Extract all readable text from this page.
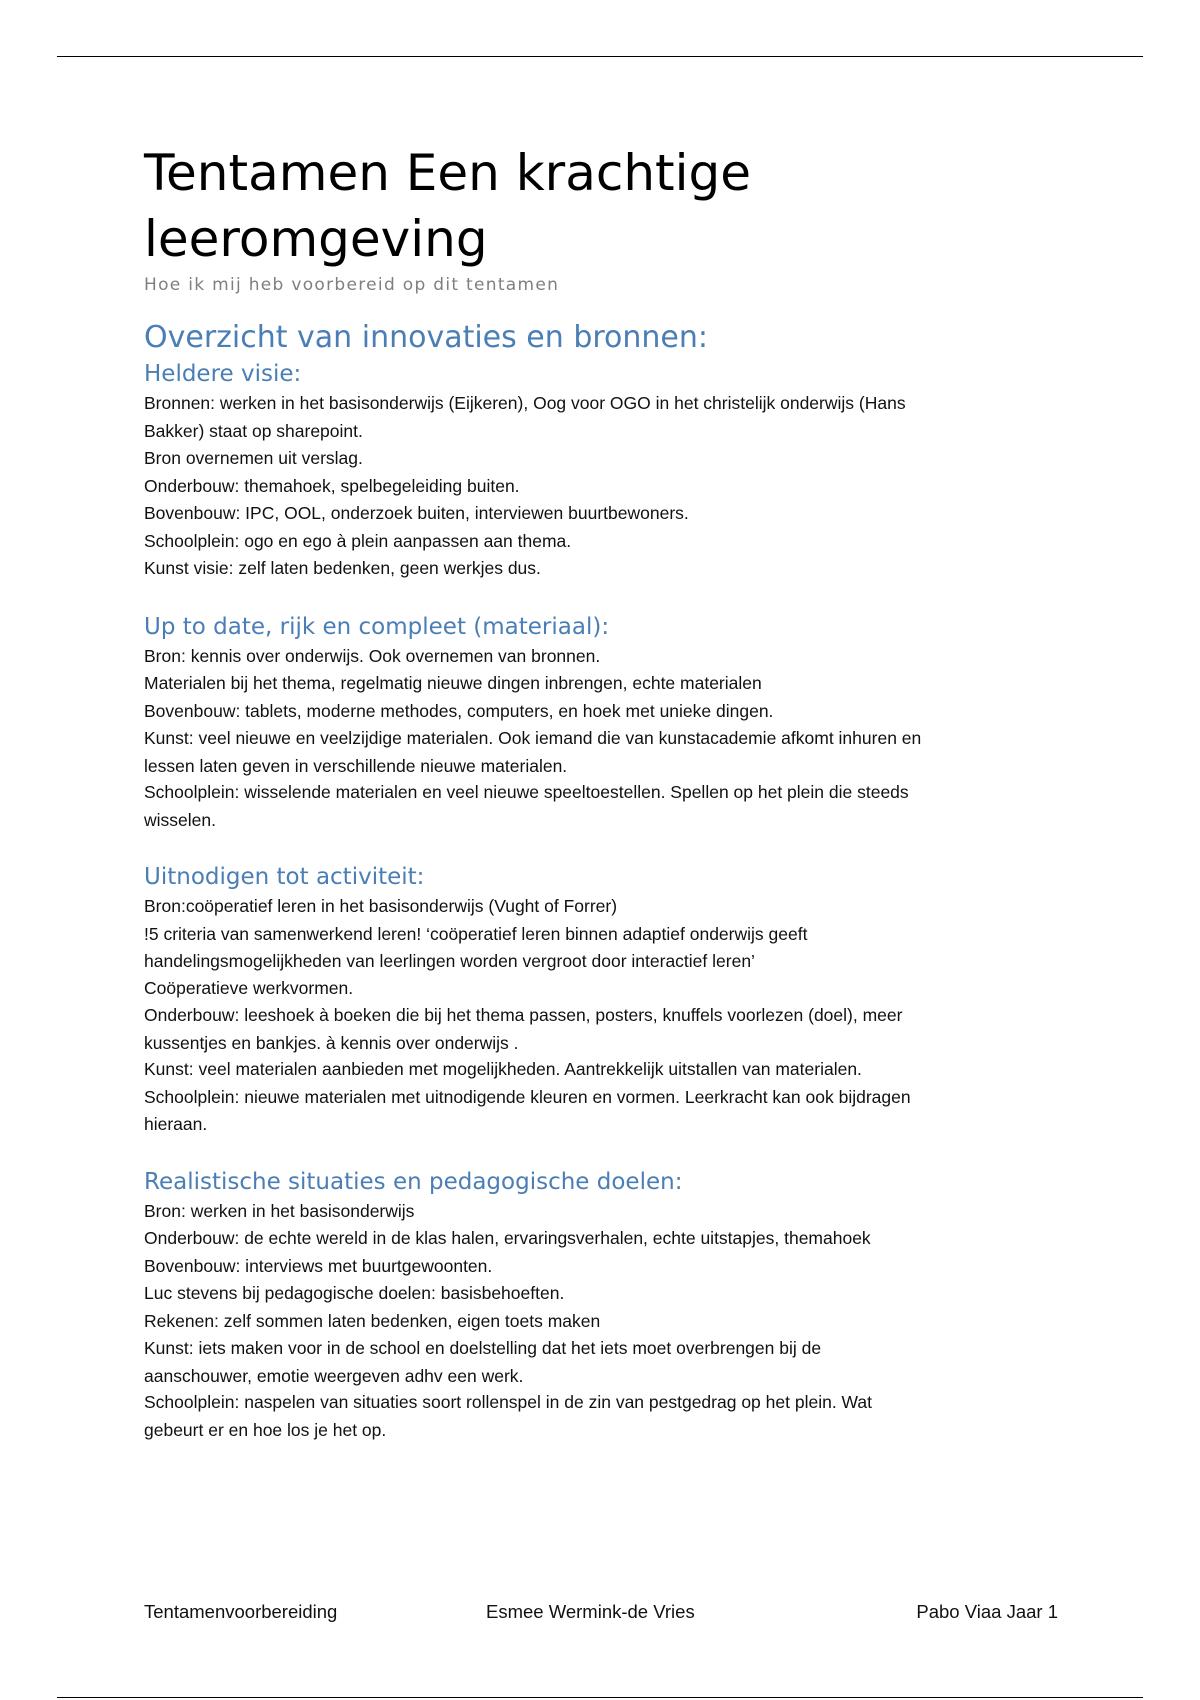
Tentamen Een krachtige
leeromgeving
Hoe ik mij heb voorbereid op dit tentamen
Overzicht van innovaties en bronnen:
Heldere visie:

Bronnen: werken in het basisonderwijs (Eijkeren), Oog voor OGO in het christelijk onderwijs (Hans

Bakker) staat op sharepoint.

Bron overnemen uit verslag.

Onderbouw: themahoek, spelbegeleiding buiten.

Bovenbouw: IPC, OOL, onderzoek buiten, interviewen buurtbewoners.

Schoolplein: ogo en ego à plein aanpassen aan thema.

Kunst visie: zelf laten bedenken, geen werkjes dus.

Up to date, rijk en compleet (materiaal):

Bron: kennis over onderwijs. Ook overnemen van bronnen.

Materialen bij het thema, regelmatig nieuwe dingen inbrengen, echte materialen

Bovenbouw: tablets, moderne methodes, computers, en hoek met unieke dingen.

Kunst: veel nieuwe en veelzijdige materialen. Ook iemand die van kunstacademie afkomt inhuren en

lessen laten geven in verschillende nieuwe materialen.

Schoolplein: wisselende materialen en veel nieuwe speeltoestellen. Spellen op het plein die steeds

wisselen.

Uitnodigen tot activiteit:

Bron:coöperatief leren in het basisonderwijs (Vught of Forrer)

!5 criteria van samenwerkend leren! ‘coöperatief leren binnen adaptief onderwijs geeft

handelingsmogelijkheden van leerlingen worden vergroot door interactief leren’

Coöperatieve werkvormen.

Onderbouw: leeshoek à boeken die bij het thema passen, posters, knuffels voorlezen (doel), meer

kussentjes en bankjes. à kennis over onderwijs .

Kunst: veel materialen aanbieden met mogelijkheden. Aantrekkelijk uitstallen van materialen.

Schoolplein: nieuwe materialen met uitnodigende kleuren en vormen. Leerkracht kan ook bijdragen

hieraan.

Realistische situaties en pedagogische doelen:

Bron: werken in het basisonderwijs

Onderbouw: de echte wereld in de klas halen, ervaringsverhalen, echte uitstapjes, themahoek

Bovenbouw: interviews met buurtgewoonten.

Luc stevens bij pedagogische doelen: basisbehoeften.

Rekenen: zelf sommen laten bedenken, eigen toets maken

Kunst: iets maken voor in de school en doelstelling dat het iets moet overbrengen bij de

aanschouwer, emotie weergeven adhv een werk.

Schoolplein: naspelen van situaties soort rollenspel in de zin van pestgedrag op het plein. Wat

gebeurt er en hoe los je het op.

Tentamenvoorbereiding	Esmee Wermink-de Vries	Pabo Viaa Jaar 1
